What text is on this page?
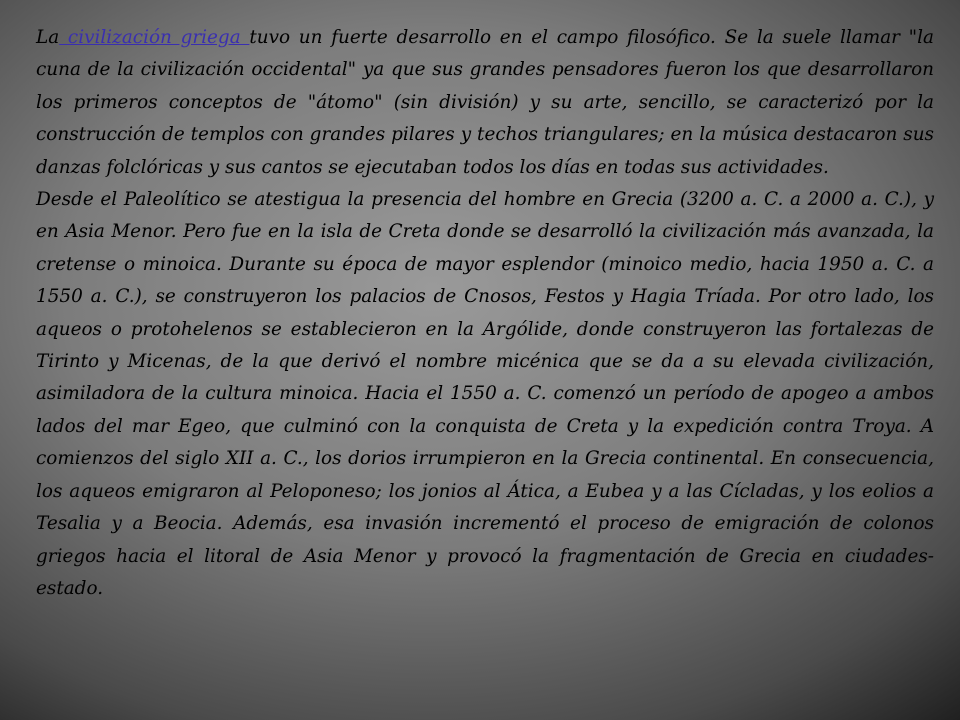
La civilización griega tuvo un fuerte desarrollo en el campo filosófico. Se la suele llamar "la cuna de la civilización occidental" ya que sus grandes pensadores fueron los que desarrollaron los primeros conceptos de "átomo" (sin división) y su arte, sencillo, se caracterizó por la construcción de templos con grandes pilares y techos triangulares; en la música destacaron sus danzas folclóricas y sus cantos se ejecutaban todos los días en todas sus actividades.

Desde el Paleolítico se atestigua la presencia del hombre en Grecia (3200 a. C. a 2000 a. C.), y en Asia Menor. Pero fue en la isla de Creta donde se desarrolló la civilización más avanzada, la cretense o minoica. Durante su época de mayor esplendor (minoico medio, hacia 1950 a. C. a 1550 a. C.), se construyeron los palacios de Cnosos, Festos y Hagia Tríada. Por otro lado, los aqueos o protohelenos se establecieron en la Argólide, donde construyeron las fortalezas de Tirinto y Micenas, de la que derivó el nombre micénica que se da a su elevada civilización, asimiladora de la cultura minoica. Hacia el 1550 a. C. comenzó un período de apogeo a ambos lados del mar Egeo, que culminó con la conquista de Creta y la expedición contra Troya. A comienzos del siglo XII a. C., los dorios irrumpieron en la Grecia continental. En consecuencia, los aqueos emigraron al Peloponeso; los jonios al Ática, a Eubea y a las Cícladas, y los eolios a Tesalia y a Beocia. Además, esa invasión incrementó el proceso de emigración de colonos griegos hacia el litoral de Asia Menor y provocó la fragmentación de Grecia en ciudades-estado.
